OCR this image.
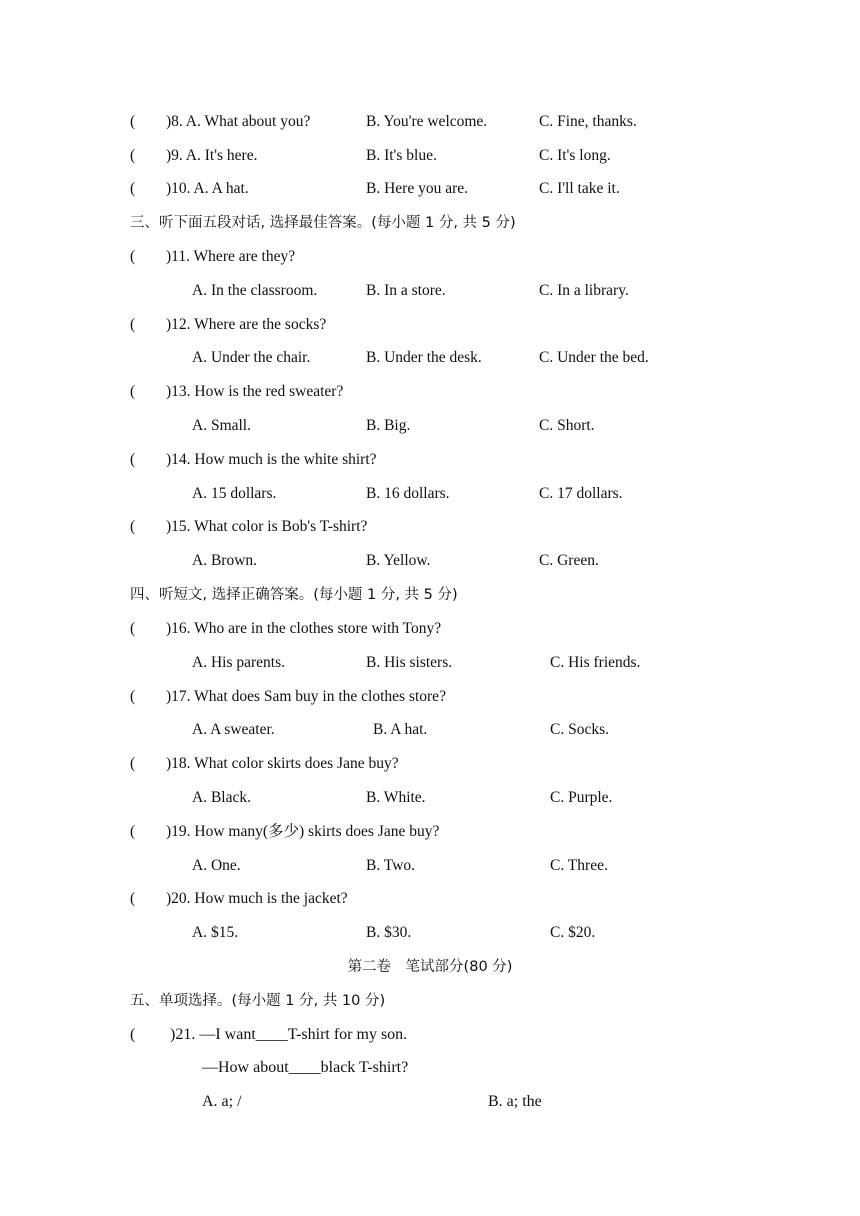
( )8. A. What about you?	B. You're welcome.	C. Fine, thanks.
( )9. A. It's here.	B. It's blue.	C. It's long.
( )10. A. A hat.	B. Here you are.	C. I'll take it.
三、听下面五段对话, 选择最佳答案。(每小题 1 分, 共 5 分)
( )11. Where are they?
A. In the classroom.	B. In a store.	C. In a library.
( )12. Where are the socks?
A. Under the chair.	B. Under the desk.	C. Under the bed.
( )13. How is the red sweater?
A. Small.	B. Big.	C. Short.
( )14. How much is the white shirt?
A. 15 dollars.	B. 16 dollars.	C. 17 dollars.
( )15. What color is Bob's T-shirt?
A. Brown.	B. Yellow.	C. Green.
四、听短文, 选择正确答案。(每小题 1 分, 共 5 分)
( )16. Who are in the clothes store with Tony?
A. His parents.	B. His sisters.	C. His friends.
( )17. What does Sam buy in the clothes store?
A. A sweater.	B. A hat.	C. Socks.
( )18. What color skirts does Jane buy?
A. Black.	B. White.	C. Purple.
( )19. How many(多少) skirts does Jane buy?
A. One.	B. Two.	C. Three.
( )20. How much is the jacket?
A. $15.	B. $30.	C. $20.
第二卷　笔试部分(80 分)
五、单项选择。(每小题 1 分, 共 10 分)
( )21. —I want____T-shirt for my son.
—How about____black T-shirt?
A. a; /	B. a; the
